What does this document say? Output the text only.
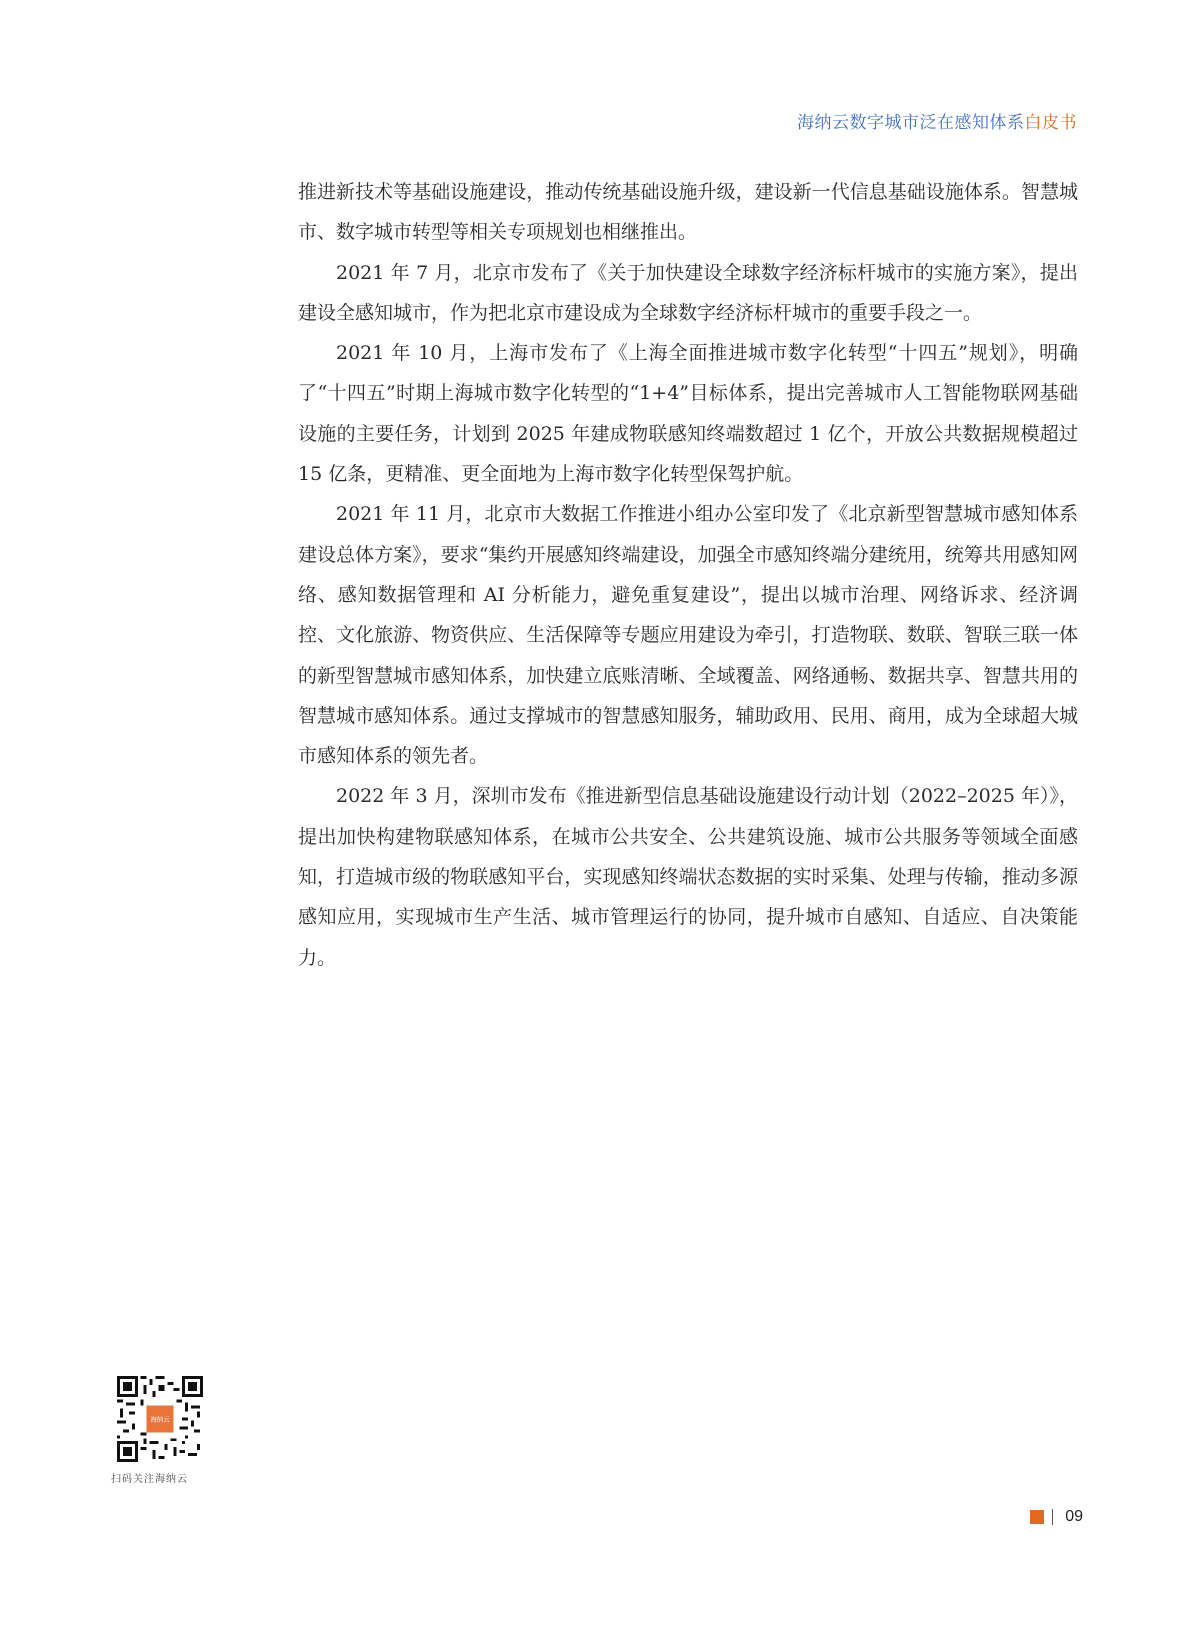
海纳云数字城市泛在感知体系白皮书

推进新技术等基础设施建设，推动传统基础设施升级，建设新一代信息基础设施体系。智慧城市、数字城市转型等相关专项规划也相继推出。

2021 年 7 月，北京市发布了《关于加快建设全球数字经济标杆城市的实施方案》，提出建设全感知城市，作为把北京市建设成为全球数字经济标杆城市的重要手段之一。

2021 年 10 月，上海市发布了《上海全面推进城市数字化转型“十四五”规划》，明确了“十四五”时期上海城市数字化转型的“1+4”目标体系，提出完善城市人工智能物联网基础设施的主要任务，计划到 2025 年建成物联感知终端数超过 1 亿个，开放公共数据规模超过 15 亿条，更精准、更全面地为上海市数字化转型保驾护航。

2021 年 11 月，北京市大数据工作推进小组办公室印发了《北京新型智慧城市感知体系建设总体方案》，要求“集约开展感知终端建设，加强全市感知终端分建统用，统筹共用感知网络、感知数据管理和 AI 分析能力，避免重复建设”，提出以城市治理、网络诉求、经济调控、文化旅游、物资供应、生活保障等专题应用建设为牵引，打造物联、数联、智联三联一体的新型智慧城市感知体系，加快建立底账清晰、全域覆盖、网络通畅、数据共享、智慧共用的智慧城市感知体系。通过支撑城市的智慧感知服务，辅助政用、民用、商用，成为全球超大城市感知体系的领先者。

2022 年 3 月，深圳市发布《推进新型信息基础设施建设行动计划（2022–2025 年）》，提出加快构建物联感知体系，在城市公共安全、公共建筑设施、城市公共服务等领域全面感知，打造城市级的物联感知平台，实现感知终端状态数据的实时采集、处理与传输，推动多源感知应用，实现城市生产生活、城市管理运行的协同，提升城市自感知、自适应、自决策能力。

海纳云
扫码关注海纳云
09
